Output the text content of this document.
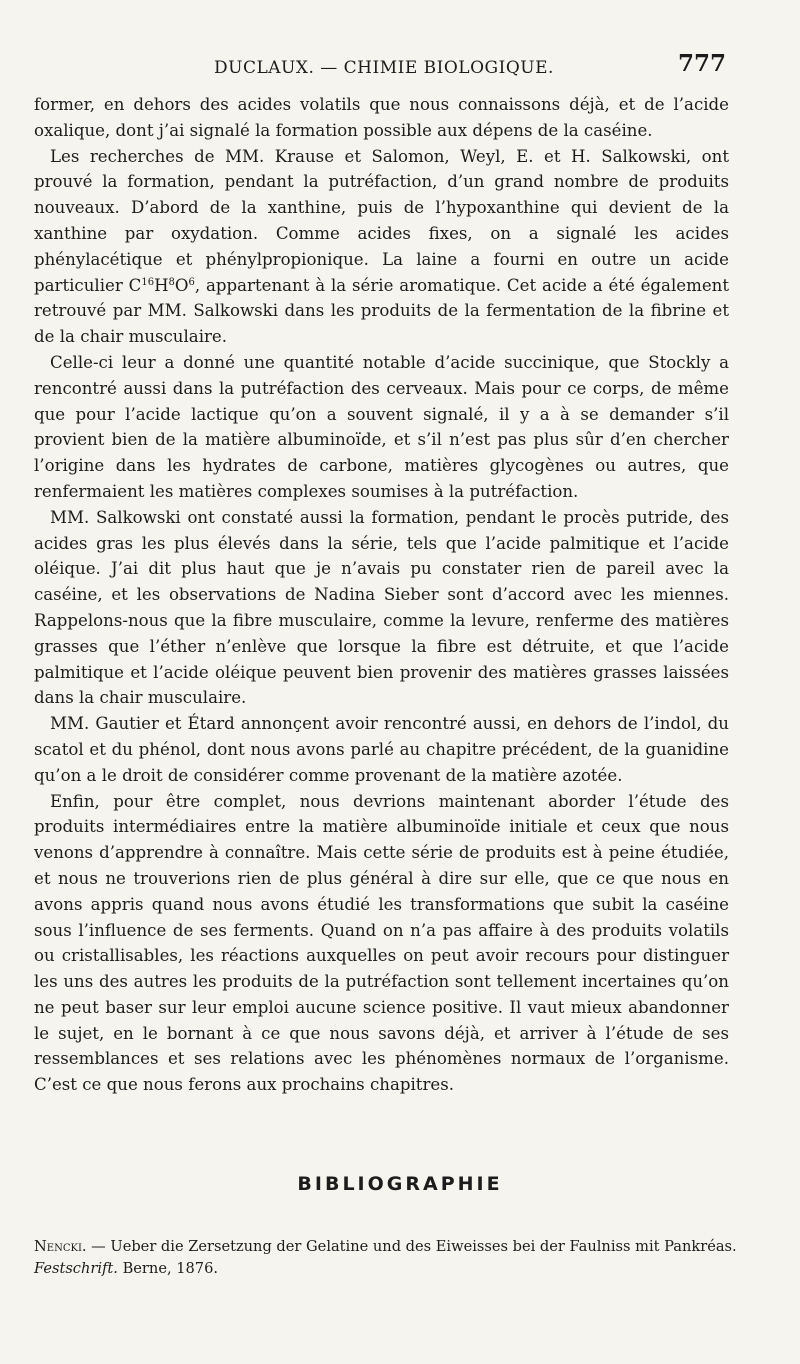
DUCLAUX. — CHIMIE BIOLOGIQUE.	777

former, en dehors des acides volatils que nous connaissons déjà, et de l’acide oxalique, dont j’ai signalé la formation possible aux dépens de la caséine.

Les recherches de MM. Krause et Salomon, Weyl, E. et H. Salkowski, ont prouvé la formation, pendant la putréfaction, d’un grand nombre de produits nouveaux. D’abord de la xanthine, puis de l’hypoxanthine qui devient de la xanthine par oxydation. Comme acides fixes, on a signalé les acides phénylacétique et phénylpropionique. La laine a fourni en outre un acide particulier $C^{16}H^8O^6$, appartenant à la série aromatique. Cet acide a été également retrouvé par MM. Salkowski dans les produits de la fermentation de la fibrine et de la chair musculaire.

Celle-ci leur a donné une quantité notable d’acide succinique, que Stockly a rencontré aussi dans la putréfaction des cerveaux. Mais pour ce corps, de même que pour l’acide lactique qu’on a souvent signalé, il y a à se demander s’il provient bien de la matière albuminoïde, et s’il n’est pas plus sûr d’en chercher l’origine dans les hydrates de carbone, matières glycogènes ou autres, que renfermaient les matières complexes soumises à la putréfaction.

MM. Salkowski ont constaté aussi la formation, pendant le procès putride, des acides gras les plus élevés dans la série, tels que l’acide palmitique et l’acide oléique. J’ai dit plus haut que je n’avais pu constater rien de pareil avec la caséine, et les observations de Nadina Sieber sont d’accord avec les miennes. Rappelons-nous que la fibre musculaire, comme la levure, renferme des matières grasses que l’éther n’enlève que lorsque la fibre est détruite, et que l’acide palmitique et l’acide oléique peuvent bien provenir des matières grasses laissées dans la chair musculaire.

MM. Gautier et Étard annonçent avoir rencontré aussi, en dehors de l’indol, du scatol et du phénol, dont nous avons parlé au chapitre précédent, de la guanidine qu’on a le droit de considérer comme provenant de la matière azotée.

Enfin, pour être complet, nous devrions maintenant aborder l’étude des produits intermédiaires entre la matière albuminoïde initiale et ceux que nous venons d’apprendre à connaître. Mais cette série de produits est à peine étudiée, et nous ne trouverions rien de plus général à dire sur elle, que ce que nous en avons appris quand nous avons étudié les transformations que subit la caséine sous l’influence de ses ferments. Quand on n’a pas affaire à des produits volatils ou cristallisables, les réactions auxquelles on peut avoir recours pour distinguer les uns des autres les produits de la putréfaction sont tellement incertaines qu’on ne peut baser sur leur emploi aucune science positive. Il vaut mieux abandonner le sujet, en le bornant à ce que nous savons déjà, et arriver à l’étude de ses ressemblances et ses relations avec les phénomènes normaux de l’organisme. C’est ce que nous ferons aux prochains chapitres.

BIBLIOGRAPHIE
Nencki. — Ueber die Zersetzung der Gelatine und des Eiweisses bei der Faulniss mit Pankréas.
Festschrift. Berne, 1876.
